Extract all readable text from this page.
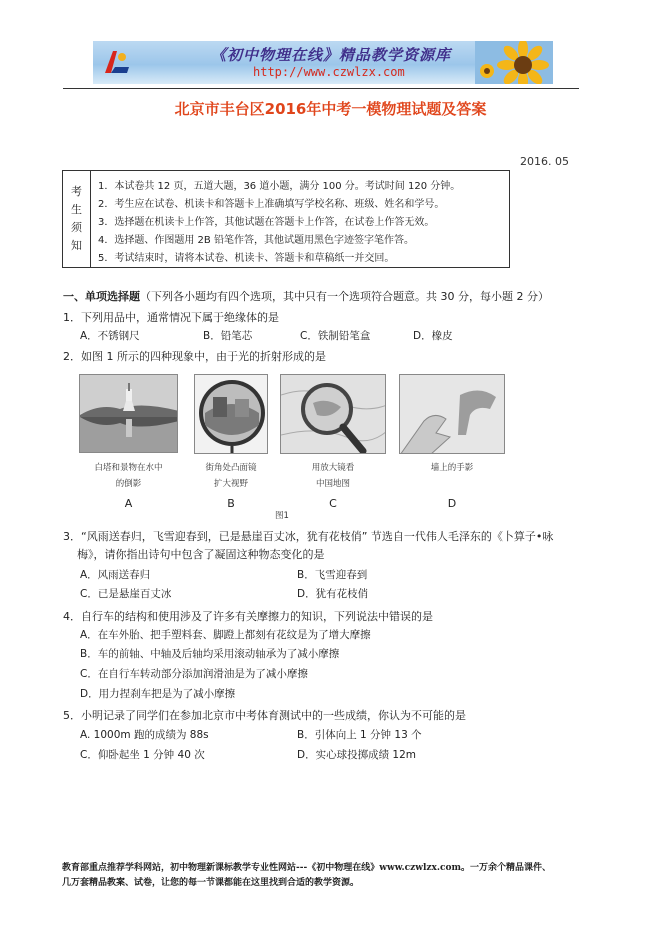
《初中物理在线》精品教学资源库
http://www.czwlzx.com
北京市丰台区2016年中考一模物理试题及答案
2016. 05
考
生
须
知
1．本试卷共 12 页，五道大题，36 道小题，满分 100 分。考试时间 120 分钟。
2．考生应在试卷、机读卡和答题卡上准确填写学校名称、班级、姓名和学号。
3．选择题在机读卡上作答，其他试题在答题卡上作答，在试卷上作答无效。
4．选择题、作图题用 2B 铅笔作答，其他试题用黑色字迹签字笔作答。
5．考试结束时，请将本试卷、机读卡、答题卡和草稿纸一并交回。
一、单项选择题（下列各小题均有四个选项，其中只有一个选项符合题意。共 30 分，每小题 2 分）
1．下列用品中，通常情况下属于绝缘体的是
A．不锈钢尺	B．铅笔芯	C．铁制铅笔盒	D．橡皮
2．如图 1 所示的四种现象中，由于光的折射形成的是
白塔和景物在水中
的倒影
街角处凸面镜
扩大视野
用放大镜看
中国地图
墙上的手影
A	B	C	D
图1
3．“风雨送春归，飞雪迎春到，已是悬崖百丈冰，犹有花枝俏” 节选自一代伟人毛泽东的《卜算子•咏
梅》，请你指出诗句中包含了凝固这种物态变化的是
A．风雨送春归	B．飞雪迎春到
C．已是悬崖百丈冰	D．犹有花枝俏
4．自行车的结构和使用涉及了许多有关摩擦力的知识，下列说法中错误的是
A．在车外胎、把手塑料套、脚蹬上都刻有花纹是为了增大摩擦
B．车的前轴、中轴及后轴均采用滚动轴承为了减小摩擦
C．在自行车转动部分添加润滑油是为了减小摩擦
D．用力捏刹车把是为了减小摩擦
5．小明记录了同学们在参加北京市中考体育测试中的一些成绩，你认为不可能的是
A. 1000m 跑的成绩为 88s	B．引体向上 1 分钟 13 个
C．仰卧起坐 1 分钟 40 次	D．实心球投掷成绩 12m
教育部重点推荐学科网站，初中物理新课标教学专业性网站---《初中物理在线》www.czwlzx.com。一万余个精品课件、
几万套精品教案、试卷，让您的每一节课都能在这里找到合适的教学资源。
